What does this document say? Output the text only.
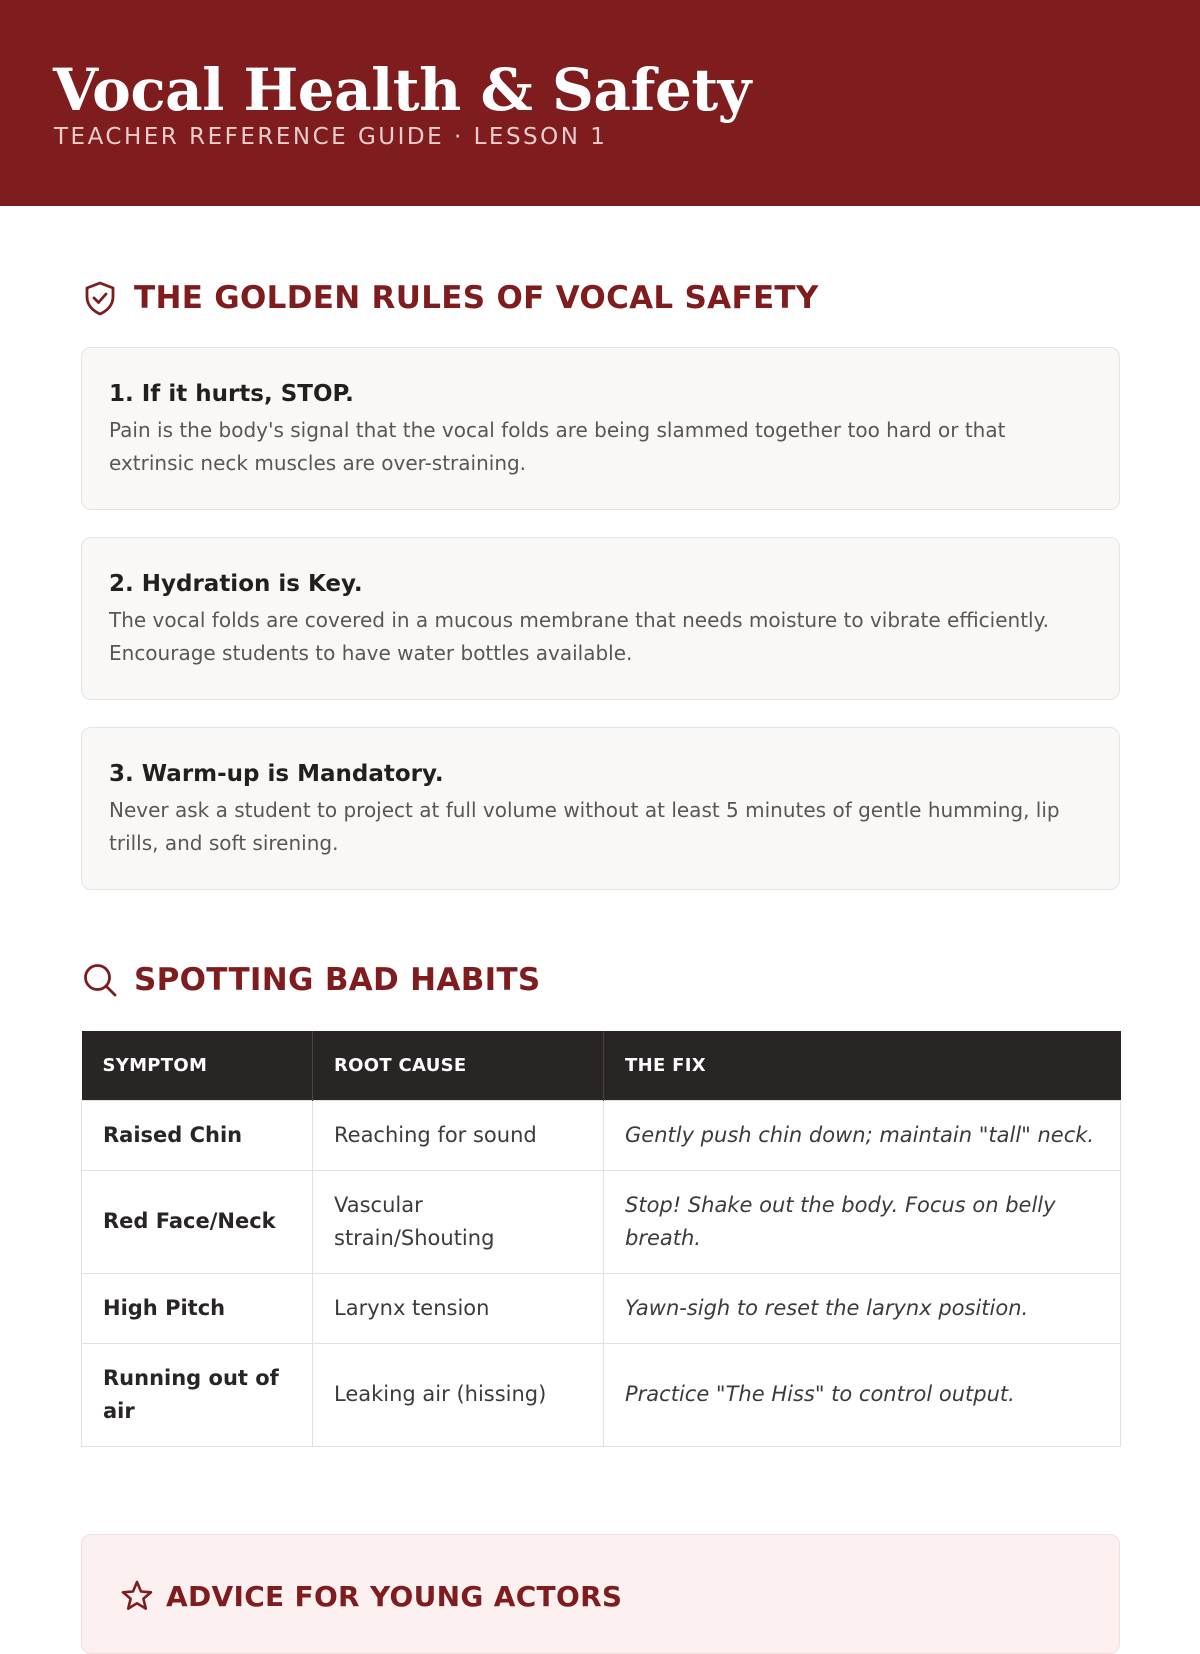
Vocal Health & Safety
TEACHER REFERENCE GUIDE · LESSON 1
THE GOLDEN RULES OF VOCAL SAFETY

1. If it hurts, STOP.

Pain is the body's signal that the vocal folds are being slammed together too hard or that extrinsic neck muscles are over-straining.

2. Hydration is Key.

The vocal folds are covered in a mucous membrane that needs moisture to vibrate efficiently. Encourage students to have water bottles available.

3. Warm-up is Mandatory.

Never ask a student to project at full volume without at least 5 minutes of gentle humming, lip trills, and soft sirening.

SPOTTING BAD HABITS
SYMPTOM	ROOT CAUSE	THE FIX
Raised Chin	Reaching for sound	Gently push chin down; maintain "tall" neck.
Red Face/Neck	Vascular strain/Shouting	Stop! Shake out the body. Focus on belly breath.
High Pitch	Larynx tension	Yawn-sigh to reset the larynx position.
Running out of air	Leaking air (hissing)	Practice "The Hiss" to control output.
ADVICE FOR YOUNG ACTORS
